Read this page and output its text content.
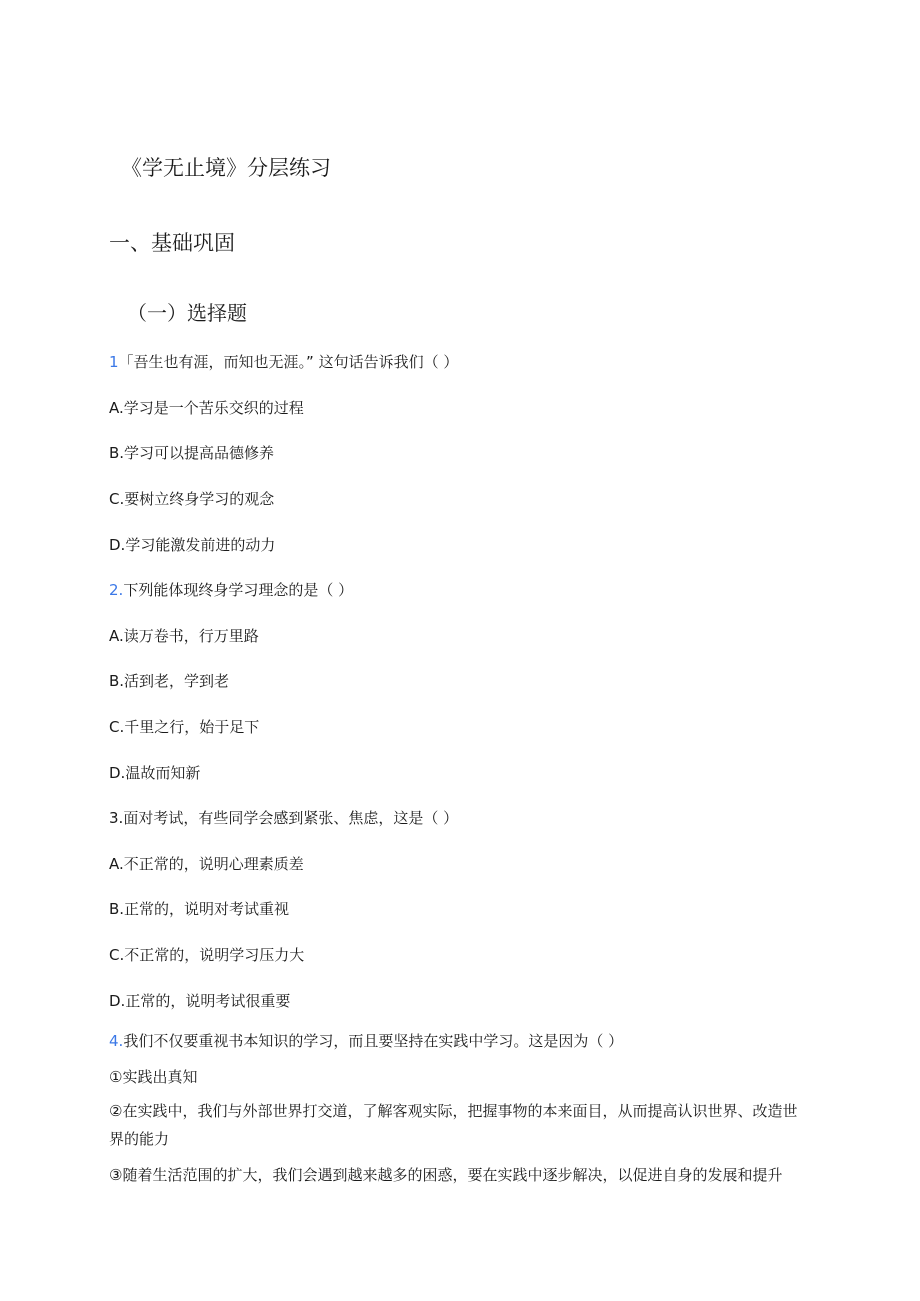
《学无止境》分层练习
一、基础巩固
（一）选择题
1「吾生也有涯，而知也无涯。” 这句话告诉我们（ ）
A.学习是一个苦乐交织的过程
B.学习可以提高品德修养
C.要树立终身学习的观念
D.学习能激发前进的动力
2.下列能体现终身学习理念的是（ ）
A.读万卷书，行万里路
B.活到老，学到老
C.千里之行，始于足下
D.温故而知新
3.面对考试，有些同学会感到紧张、焦虑，这是（ ）
A.不正常的，说明心理素质差
B.正常的，说明对考试重视
C.不正常的，说明学习压力大
D.正常的，说明考试很重要
4.我们不仅要重视书本知识的学习，而且要坚持在实践中学习。这是因为（ ）
①实践出真知
②在实践中，我们与外部世界打交道，了解客观实际，把握事物的本来面目，从而提高认识世界、改造世界的能力
③随着生活范围的扩大，我们会遇到越来越多的困惑，要在实践中逐步解决，以促进自身的发展和提升
